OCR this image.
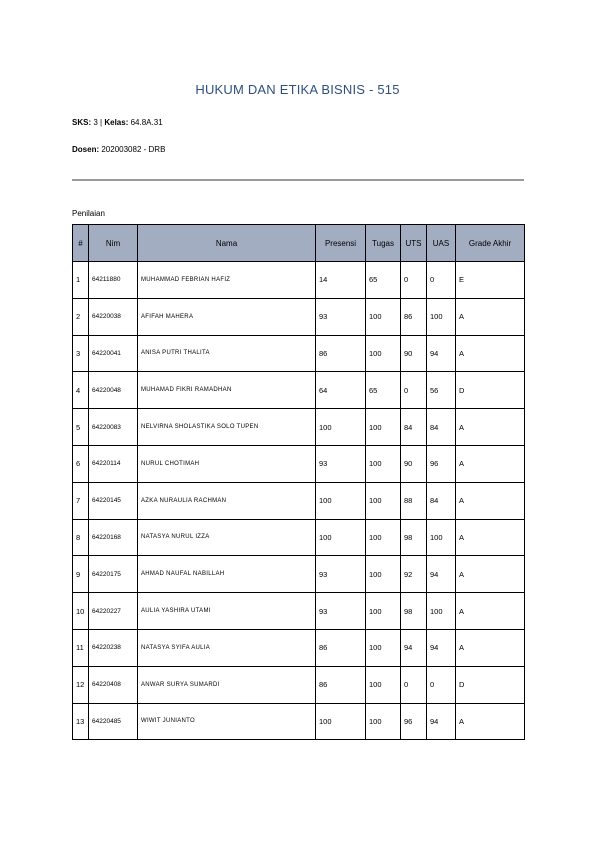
HUKUM DAN ETIKA BISNIS - 515
SKS: 3 | Kelas: 64.8A.31
Dosen: 202003082 - DRB
Penilaian
#	Nim	Nama	Presensi	Tugas	UTS	UAS	Grade Akhir
1	64211880	MUHAMMAD FEBRIAN HAFIZ	14	65	0	0	E
2	64220038	AFIFAH MAHERA	93	100	86	100	A
3	64220041	ANISA PUTRI THALITA	86	100	90	94	A
4	64220048	MUHAMAD FIKRI RAMADHAN	64	65	0	56	D
5	64220083	NELVIRNA SHOLASTIKA SOLO TUPEN	100	100	84	84	A
6	64220114	NURUL CHOTIMAH	93	100	90	96	A
7	64220145	AZKA NURAULIA RACHMAN	100	100	88	84	A
8	64220168	NATASYA NURUL IZZA	100	100	98	100	A
9	64220175	AHMAD NAUFAL NABILLAH	93	100	92	94	A
10	64220227	AULIA YASHIRA UTAMI	93	100	98	100	A
11	64220238	NATASYA SYIFA AULIA	86	100	94	94	A
12	64220408	ANWAR SURYA SUMARDI	86	100	0	0	D
13	64220485	WIWIT JUNIANTO	100	100	96	94	A
